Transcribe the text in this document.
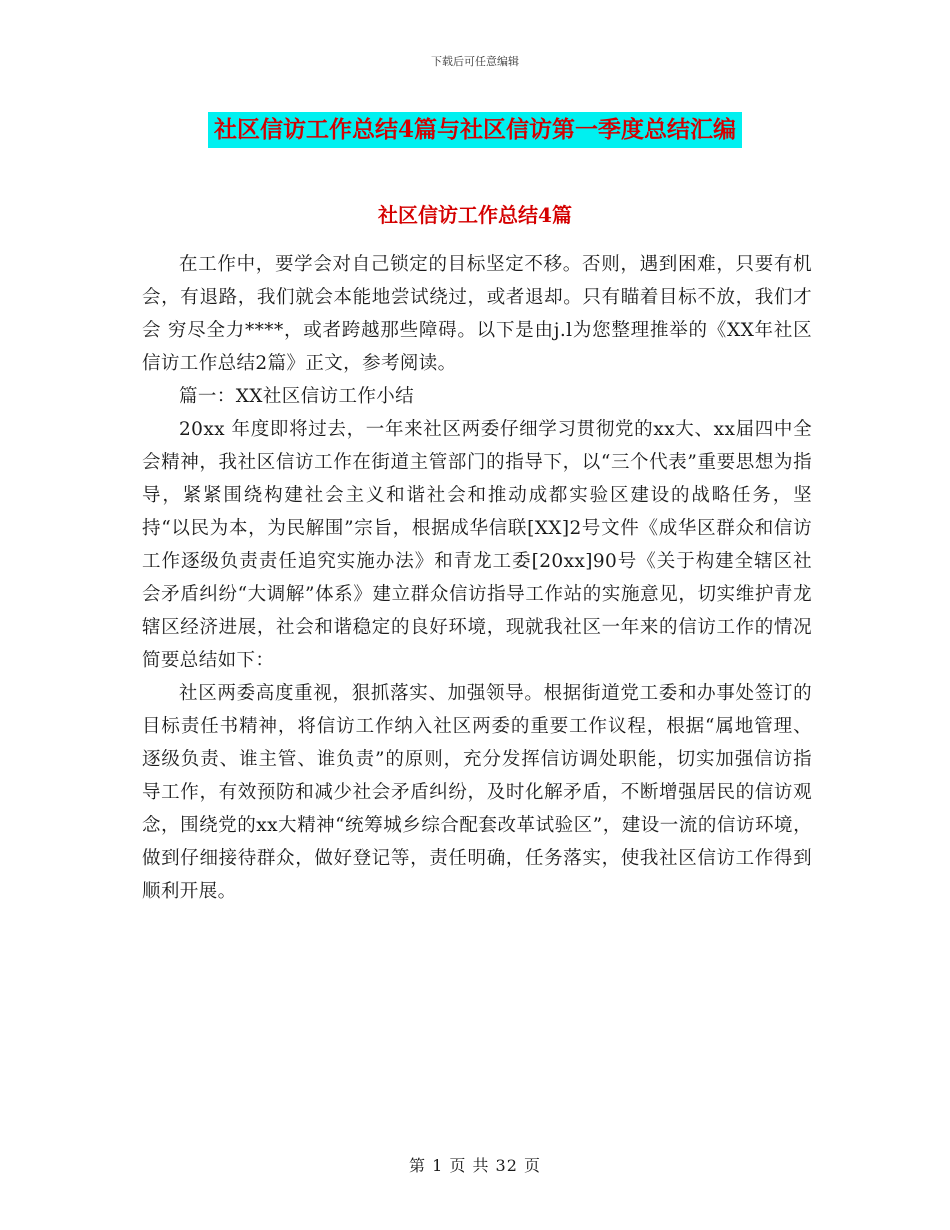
下载后可任意编辑
社区信访工作总结4篇与社区信访第一季度总结汇编
社区信访工作总结4篇

在工作中，要学会对自己锁定的目标坚定不移。否则，遇到困难，只要有机会，有退路，我们就会本能地尝试绕过，或者退却。只有瞄着目标不放，我们才会 穷尽全力****，或者跨越那些障碍。以下是由j.l为您整理推举的《XX年社区信访工作总结2篇》正文，参考阅读。

篇一：XX社区信访工作小结

20xx 年度即将过去，一年来社区两委仔细学习贯彻党的xx大、xx届四中全会精神，我社区信访工作在街道主管部门的指导下，以“三个代表”重要思想为指导，紧紧围绕构建社会主义和谐社会和推动成都实验区建设的战略任务，坚持“以民为本，为民解围”宗旨，根据成华信联[XX]2号文件《成华区群众和信访工作逐级负责责任追究实施办法》和青龙工委[20xx]90号《关于构建全辖区社会矛盾纠纷“大调解”体系》建立群众信访指导工作站的实施意见，切实维护青龙辖区经济进展，社会和谐稳定的良好环境，现就我社区一年来的信访工作的情况简要总结如下：

社区两委高度重视，狠抓落实、加强领导。根据街道党工委和办事处签订的目标责任书精神，将信访工作纳入社区两委的重要工作议程，根据“属地管理、逐级负责、谁主管、谁负责”的原则，充分发挥信访调处职能，切实加强信访指导工作，有效预防和减少社会矛盾纠纷，及时化解矛盾，不断增强居民的信访观念，围绕党的xx大精神“统筹城乡综合配套改革试验区”，建设一流的信访环境，做到仔细接待群众，做好登记等，责任明确，任务落实，使我社区信访工作得到顺利开展。

第 1 页 共 32 页
